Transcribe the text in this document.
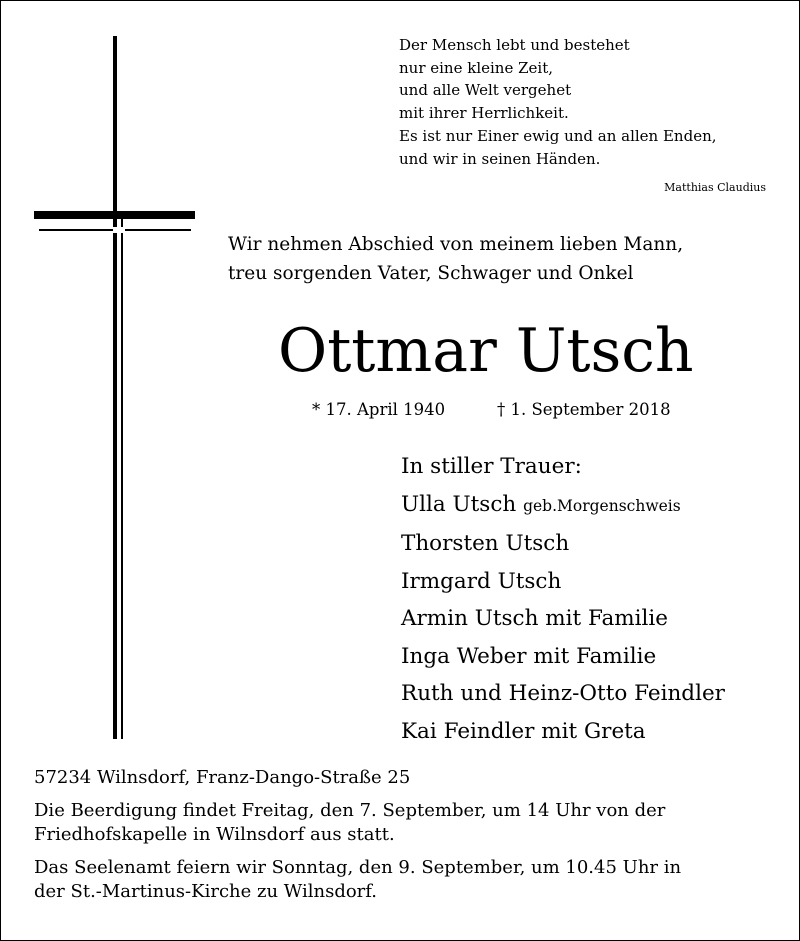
Der Mensch lebt und bestehet
nur eine kleine Zeit,
und alle Welt vergehet
mit ihrer Herrlichkeit.
Es ist nur Einer ewig und an allen Enden,
und wir in seinen Händen.
Matthias Claudius
Wir nehmen Abschied von meinem lieben Mann,
treu sorgenden Vater, Schwager und Onkel
Ottmar Utsch
* 17. April 1940	† 1. September 2018
In stiller Trauer:
Ulla Utsch geb.Morgenschweis
Thorsten Utsch
Irmgard Utsch
Armin Utsch mit Familie
Inga Weber mit Familie
Ruth und Heinz-Otto Feindler
Kai Feindler mit Greta
57234 Wilnsdorf, Franz-Dango-Straße 25
Die Beerdigung findet Freitag, den 7. September, um 14 Uhr von der
Friedhofskapelle in Wilnsdorf aus statt.
Das Seelenamt feiern wir Sonntag, den 9. September, um 10.45 Uhr in
der St.-Martinus-Kirche zu Wilnsdorf.
